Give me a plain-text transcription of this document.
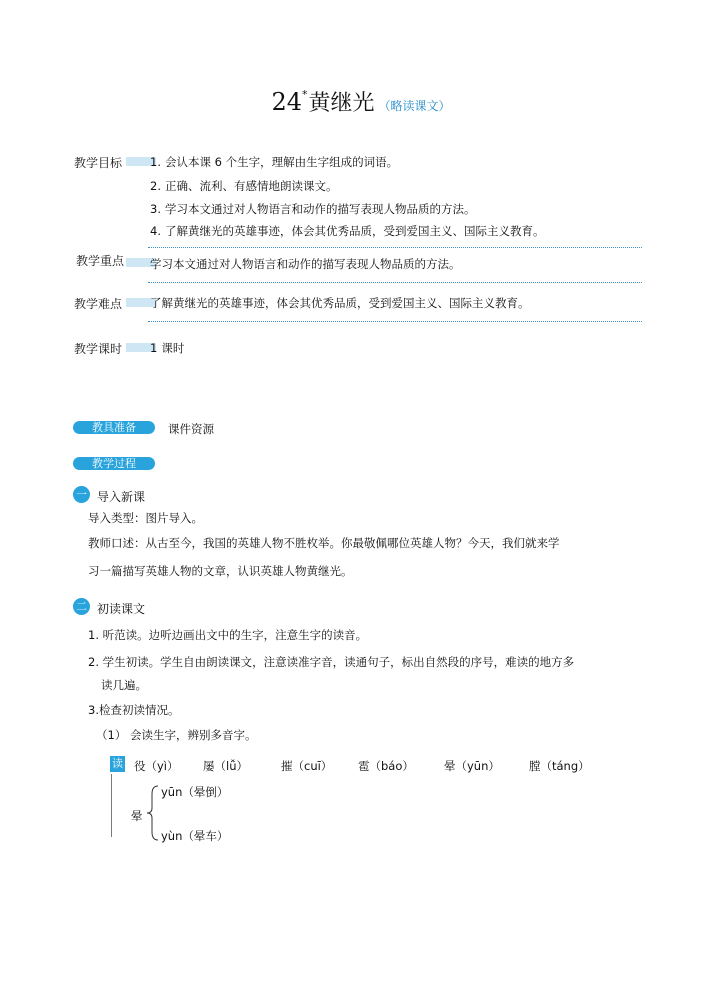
24*黄继光 （略读课文）
教学目标 1. 会认本课 6 个生字，理解由生字组成的词语。
2. 正确、流利、有感情地朗读课文。
3. 学习本文通过对人物语言和动作的描写表现人物品质的方法。
4. 了解黄继光的英雄事迹，体会其优秀品质，受到爱国主义、国际主义教育。
教学重点 学习本文通过对人物语言和动作的描写表现人物品质的方法。
教学难点 了解黄继光的英雄事迹，体会其优秀品质，受到爱国主义、国际主义教育。
教学课时 1 课时
教具准备	课件资源
教学过程
一 导入新课
导入类型：图片导入。
教师口述：从古至今，我国的英雄人物不胜枚举。你最敬佩哪位英雄人物？今天，我们就来学
习一篇描写英雄人物的文章，认识英雄人物黄继光。
二 初读课文
1. 听范读。边听边画出文中的生字，注意生字的读音。
2. 学生初读。学生自由朗读课文，注意读准字音，读通句子，标出自然段的序号，难读的地方多
读几遍。
3.检查初读情况。
（1） 会读生字，辨别多音字。
读 役（yì） 屡（lǚ）	摧（cuī） 雹（báo）	晕（yūn）	膛（táng）
晕
yūn（晕倒）
yùn（晕车）
